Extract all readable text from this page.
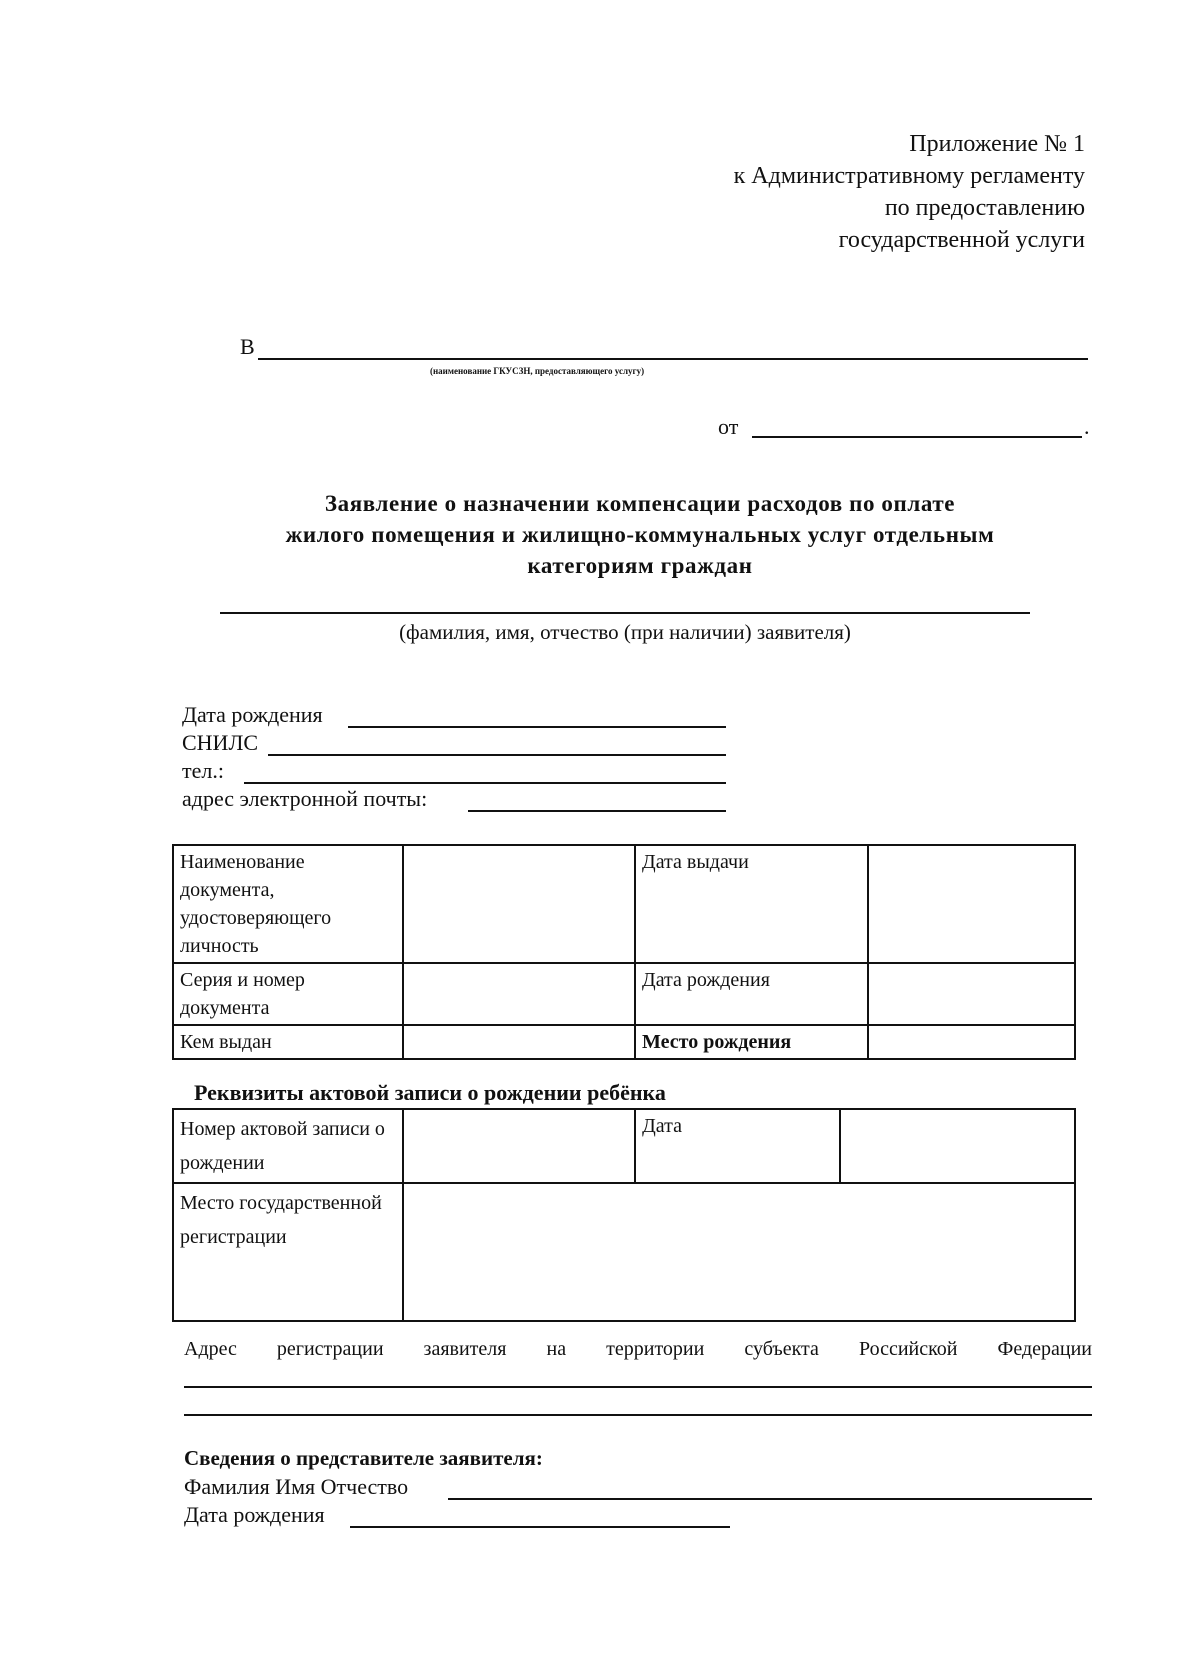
Приложение № 1
к Административному регламенту
по предоставлению
государственной услуги
В
(наименование ГКУСЗН, предоставляющего услугу)
от	.
Заявление о назначении компенсации расходов по оплате
жилого помещения и жилищно-коммунальных услуг отдельным
категориям граждан
(фамилия, имя, отчество (при наличии) заявителя)
Дата рождения
СНИЛС
тел.:
адрес электронной почты:
Наименование документа, удостоверяющего личность		Дата выдачи	
Серия и номер документа		Дата рождения	
Кем выдан		Место рождения	
Реквизиты актовой записи о рождении ребёнка
Номер актовой записи о рождении		Дата	
Место государственной регистрации			
Адрес регистрации заявителя на территории субъекта Российской Федерации
Сведения о представителе заявителя:
Фамилия Имя Отчество
Дата рождения
